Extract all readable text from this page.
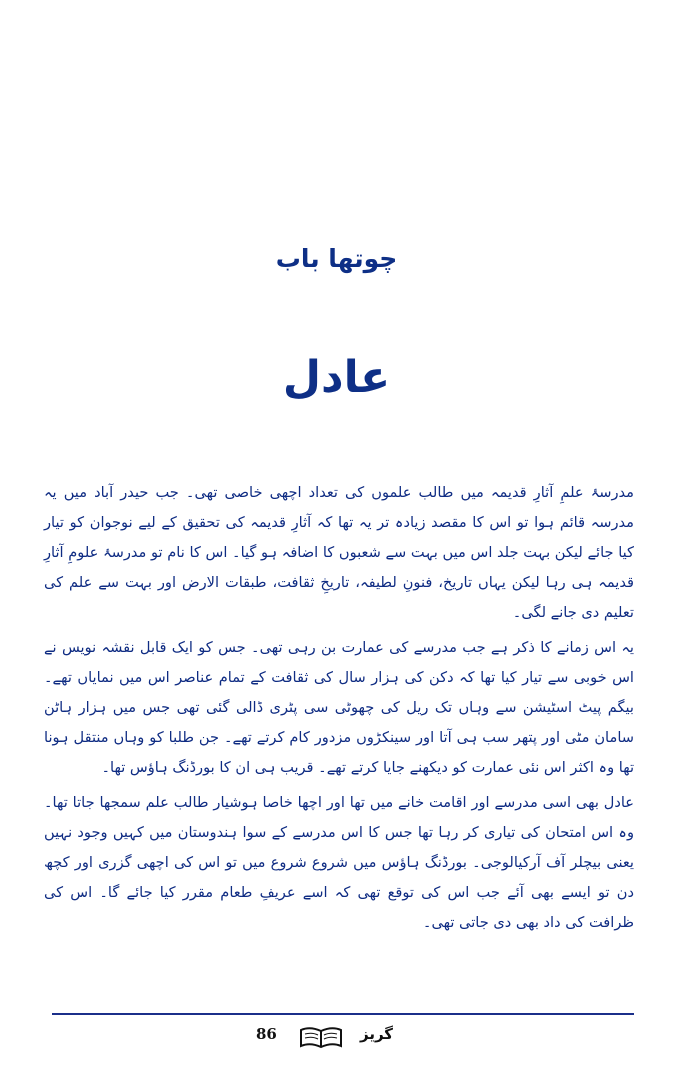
چوتھا باب
عادل

مدرسۂ علمِ آثارِ قدیمہ میں طالب علموں کی تعداد اچھی خاصی تھی۔ جب حیدر آباد میں یہ مدرسہ قائم ہوا تو اس کا مقصد زیادہ تر یہ تھا کہ آثارِ قدیمہ کی تحقیق کے لیے نوجوان کو تیار کیا جائے لیکن بہت جلد اس میں بہت سے شعبوں کا اضافہ ہو گیا۔ اس کا نام تو مدرسۂ علومِ آثارِ قدیمہ ہی رہا لیکن یہاں تاریخ، فنونِ لطیفہ، تاریخِ ثقافت، طبقات الارض اور بہت سے علم کی تعلیم دی جانے لگی۔

یہ اس زمانے کا ذکر ہے جب مدرسے کی عمارت بن رہی تھی۔ جس کو ایک قابل نقشہ نویس نے اس خوبی سے تیار کیا تھا کہ دکن کی ہزار سال کی ثقافت کے تمام عناصر اس میں نمایاں تھے۔ بیگم پیٹ اسٹیشن سے وہاں تک ریل کی چھوٹی سی پٹری ڈالی گئی تھی جس میں ہزار ہاٹن سامان مٹی اور پتھر سب ہی آتا اور سینکڑوں مزدور کام کرتے تھے۔ جن طلبا کو وہاں منتقل ہونا تھا وہ اکثر اس نئی عمارت کو دیکھنے جایا کرتے تھے۔ قریب ہی ان کا بورڈنگ ہاؤس تھا۔

عادل بھی اسی مدرسے اور اقامت خانے میں تھا اور اچھا خاصا ہوشیار طالب علم سمجھا جاتا تھا۔ وہ اس امتحان کی تیاری کر رہا تھا جس کا اس مدرسے کے سوا ہندوستان میں کہیں وجود نہیں یعنی بیچلر آف آرکیالوجی۔ بورڈنگ ہاؤس میں شروع شروع میں تو اس کی اچھی گزری اور کچھ دن تو ایسے بھی آئے جب اس کی توقع تھی کہ اسے عریفِ طعام مقرر کیا جائے گا۔ اس کی ظرافت کی داد بھی دی جاتی تھی۔

86	گریز
